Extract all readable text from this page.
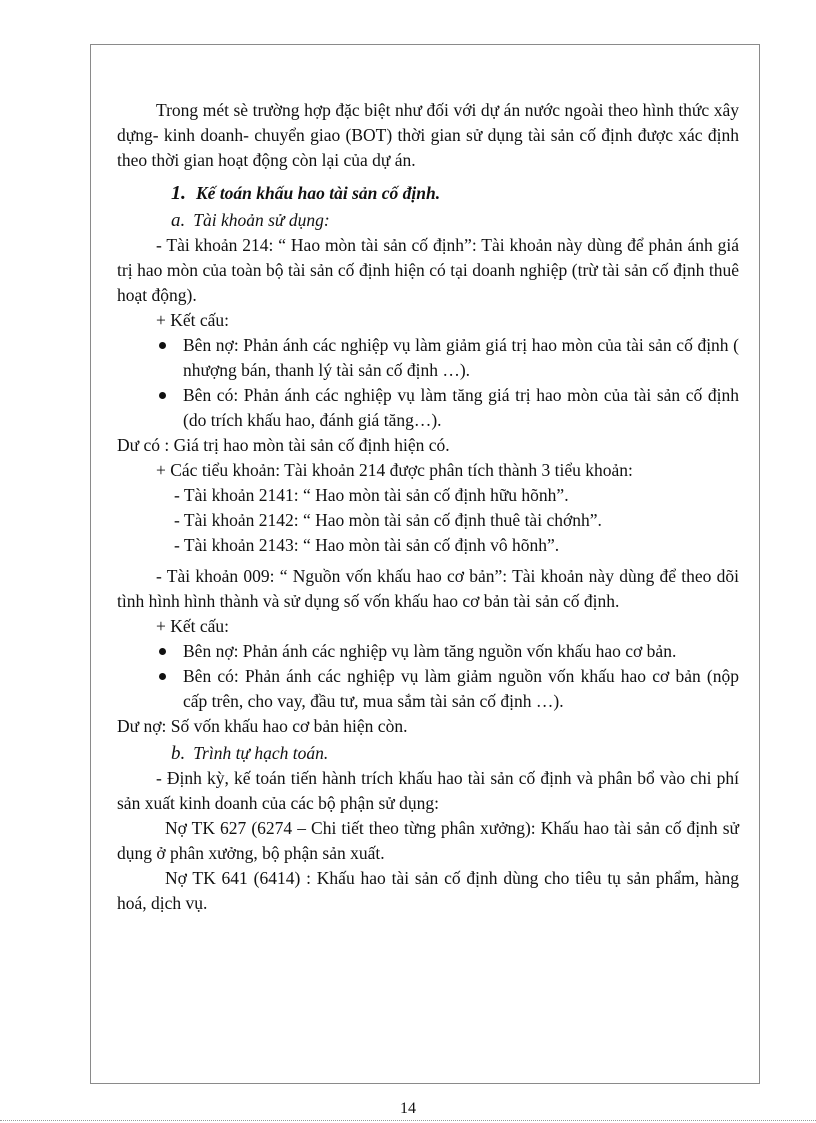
Trong mét sè trường hợp đặc biệt như đối với dự án nước ngoài theo hình thức xây dựng- kinh doanh- chuyển giao (BOT) thời gian sử dụng tài sản cố định được xác định theo thời gian hoạt động còn lại của dự án.

1. Kế toán khấu hao tài sản cố định.

a. Tài khoản sử dụng:

- Tài khoản 214: “ Hao mòn tài sản cố định”: Tài khoản này dùng để phản ánh giá trị hao mòn của toàn bộ tài sản cố định hiện có tại doanh nghiệp (trừ tài sản cố định thuê hoạt động).

+ Kết cấu:

Bên nợ: Phản ánh các nghiệp vụ làm giảm giá trị hao mòn của tài sản cố định ( nhượng bán, thanh lý tài sản cố định …).

Bên có: Phản ánh các nghiệp vụ làm tăng giá trị hao mòn của tài sản cố định (do trích khấu hao, đánh giá tăng…).

Dư có : Giá trị hao mòn tài sản cố định hiện có.

+ Các tiểu khoản: Tài khoản 214 được phân tích thành 3 tiểu khoản:

- Tài khoản 2141: “ Hao mòn tài sản cố định hữu hõnh”.

- Tài khoản 2142: “ Hao mòn tài sản cố định thuê tài chớnh”.

- Tài khoản 2143: “ Hao mòn tài sản cố định vô hõnh”.

- Tài khoản 009: “ Nguồn vốn khấu hao cơ bản”: Tài khoản này dùng để theo dõi tình hình hình thành và sử dụng số vốn khấu hao cơ bản tài sản cố định.

+ Kết cấu:

Bên nợ: Phản ánh các nghiệp vụ làm tăng nguồn vốn khấu hao cơ bản.

Bên có: Phản ánh các nghiệp vụ làm giảm nguồn vốn khấu hao cơ bản (nộp cấp trên, cho vay, đầu tư, mua sắm tài sản cố định …).

Dư nợ: Số vốn khấu hao cơ bản hiện còn.

b. Trình tự hạch toán.

- Định kỳ, kế toán tiến hành trích khấu hao tài sản cố định và phân bổ vào chi phí sản xuất kinh doanh của các bộ phận sử dụng:

Nợ TK 627 (6274 – Chi tiết theo từng phân xưởng): Khấu hao tài sản cố định sử dụng ở phân xưởng, bộ phận sản xuất.

Nợ TK 641 (6414) : Khấu hao tài sản cố định dùng cho tiêu tụ sản phẩm, hàng hoá, dịch vụ.

14
